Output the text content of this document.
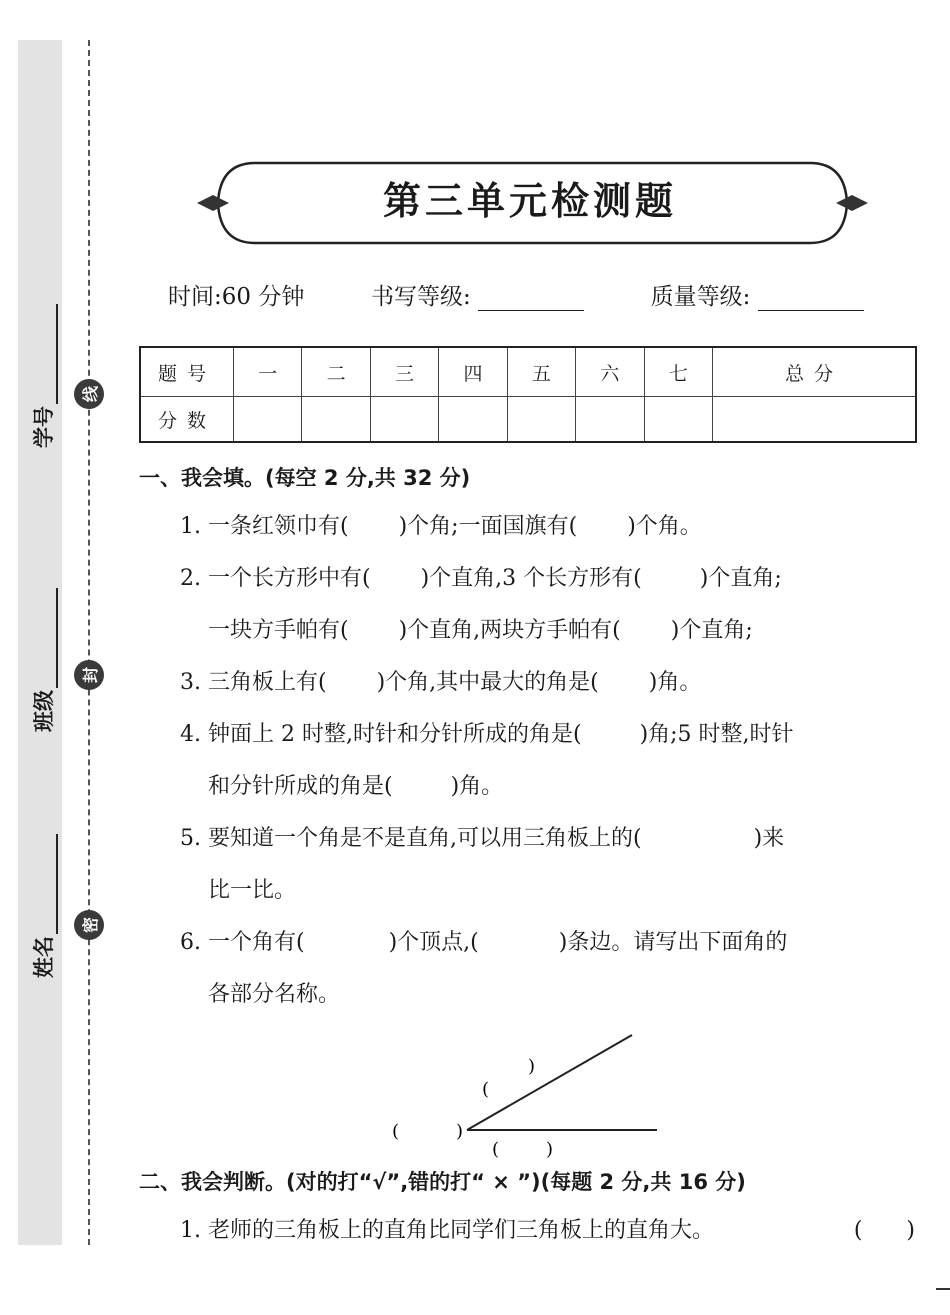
学号
班级
姓名
线
封
密
第三单元检测题
时间:60 分钟	书写等级:	质量等级:
题号	一	二	三	四	五	六	七	总分
分数								
一、我会填。(每空 2 分,共 32 分)
1. 一条红领巾有( )个角;一面国旗有( )个角。
2. 一个长方形中有( )个直角,3 个长方形有(	)个直角;
一块方手帕有( )个直角,两块方手帕有( )个直角;
3. 三角板上有( )个角,其中最大的角是( )角。
4. 钟面上 2 时整,时针和分针所成的角是(	)角;5 时整,时针
和分针所成的角是(	)角。
5. 要知道一个角是不是直角,可以用三角板上的(	)来
比一比。
6. 一个角有(	)个顶点,(	)条边。请写出下面角的
各部分名称。
)
(
(	)
(	)
二、我会判断。(对的打“√”,错的打“ × ”)(每题 2 分,共 16 分)
1. 老师的三角板上的直角比同学们三角板上的直角大。	(　　)
